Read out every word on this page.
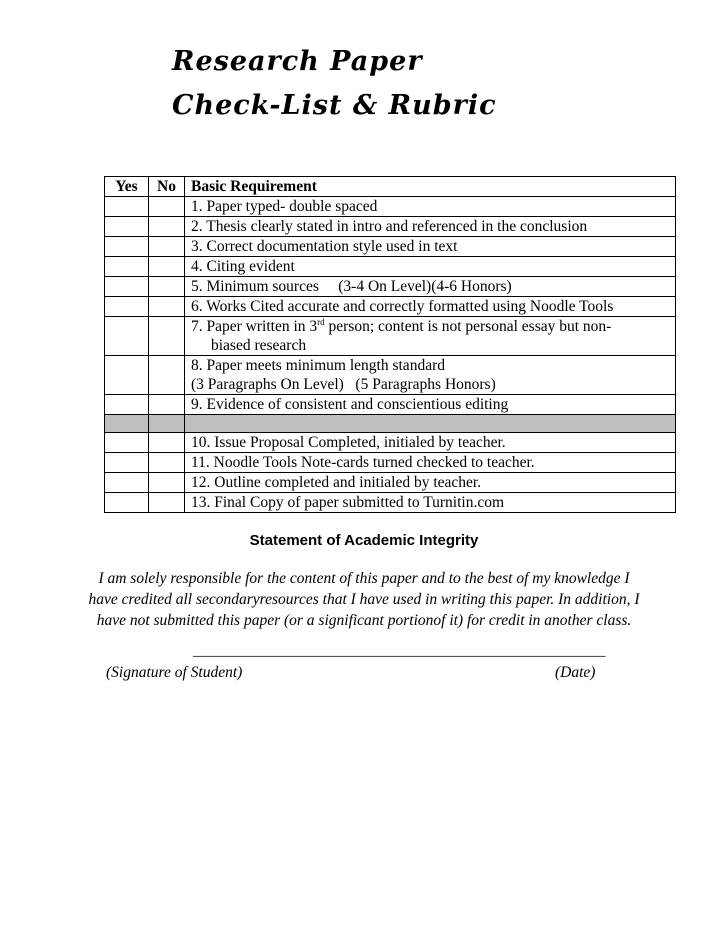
Research Paper
Check-List & Rubric
Yes	No	Basic Requirement
		1. Paper typed- double spaced
		2. Thesis clearly stated in intro and referenced in the conclusion
		3. Correct documentation style used in text
		4. Citing evident
		5. Minimum sources     (3-4 On Level)(4-6 Honors)
		6. Works Cited accurate and correctly formatted using Noodle Tools

		7. Paper written in 3rd person; content is not personal essay but non-
biased research

		8. Paper meets minimum length standard
(3 Paragraphs On Level)   (5 Paragraphs Honors)

		9. Evidence of consistent and conscientious editing

		10. Issue Proposal Completed, initialed by teacher.
		11. Noodle Tools Note-cards turned checked to teacher.
		12. Outline completed and initialed by teacher.
		13. Final Copy of paper submitted to Turnitin.com
Statement of Academic Integrity
I am solely responsible for the content of this paper and to the best of my knowledge I
have credited all secondaryresources that I have used in writing this paper. In addition, I
have not submitted this paper (or a significant portionof it) for credit in another class.
_______________________________________________________
(Signature of Student)	(Date)
